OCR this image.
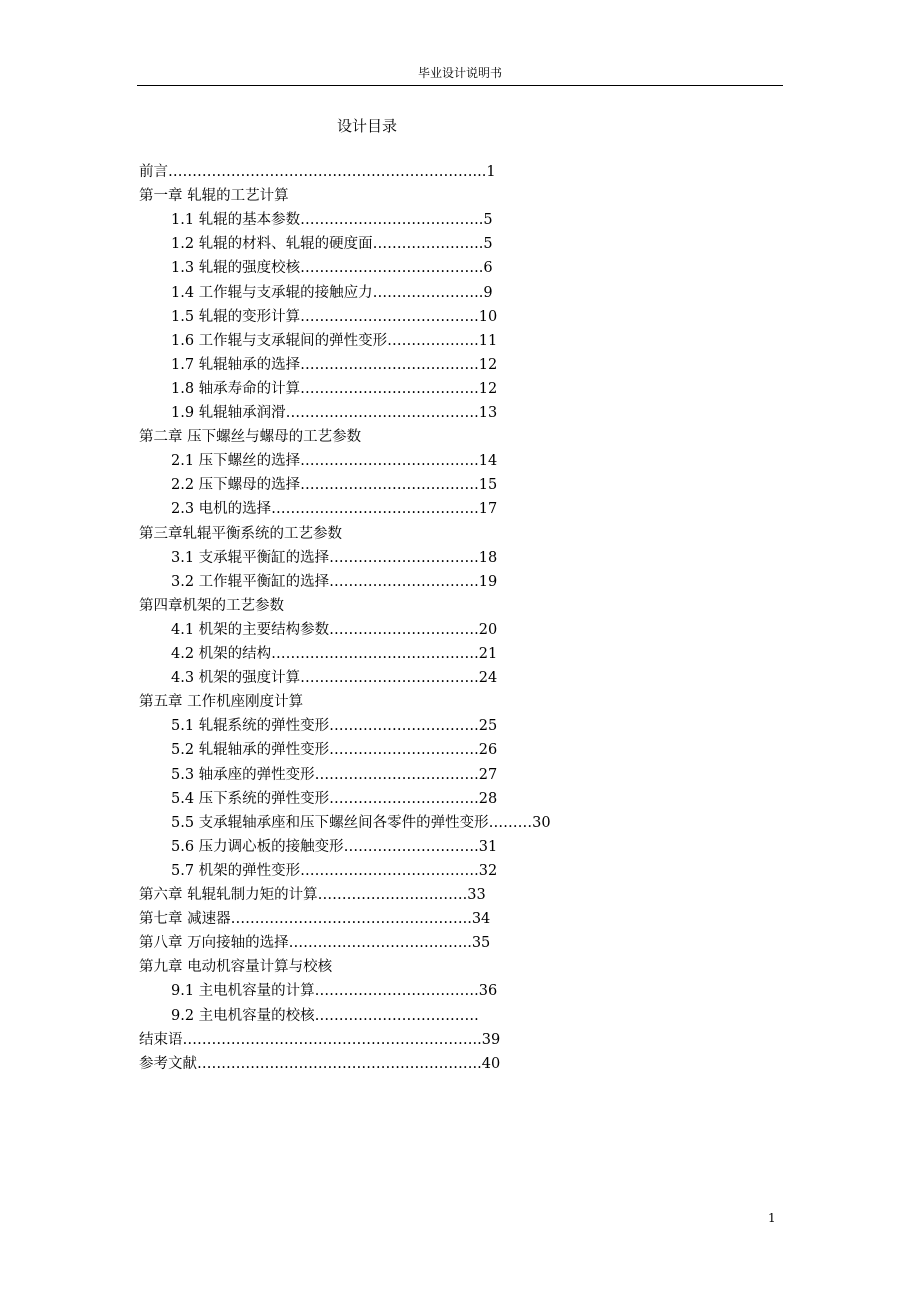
毕业设计说明书
设计目录
前言………………………………………………………...1
第一章 轧辊的工艺计算
1.1 轧辊的基本参数………………………………..5
1.2 轧辊的材料、轧辊的硬度面…………………..5
1.3 轧辊的强度校核………………………………..6
1.4 工作辊与支承辊的接触应力…………………..9
1.5 轧辊的变形计算……………………………….10
1.6 工作辊与支承辊间的弹性变形……………….11
1.7 轧辊轴承的选择……………………………….12
1.8 轴承寿命的计算……………………………….12
1.9 轧辊轴承润滑………………………………….13
第二章 压下螺丝与螺母的工艺参数
2.1 压下螺丝的选择……………………………….14
2.2 压下螺母的选择……………………………….15
2.3 电机的选择…………………………………….17
第三章轧辊平衡系统的工艺参数
3.1 支承辊平衡缸的选择………………………….18
3.2 工作辊平衡缸的选择………………………….19
第四章机架的工艺参数
4.1 机架的主要结构参数………………………….20
4.2 机架的结构…………………………………….21
4.3 机架的强度计算……………………………….24
第五章 工作机座刚度计算
5.1 轧辊系统的弹性变形………………………….25
5.2 轧辊轴承的弹性变形………………………….26
5.3 轴承座的弹性变形…………………………….27
5.4 压下系统的弹性变形………………………….28
5.5 支承辊轴承座和压下螺丝间各零件的弹性变形………30
5.6 压力调心板的接触变形……………………….31
5.7 机架的弹性变形……………………………….32
第六章 轧辊轧制力矩的计算………………………….33
第七章 减速器…………………………………………..34
第八章 万向接轴的选择………………………………..35
第九章 电动机容量计算与校核
9.1 主电机容量的计算…………………………….36
9.2 主电机容量的校核…………………………….
结束语……………………………………………………..39
参考文献…………………………………………………..40
1
